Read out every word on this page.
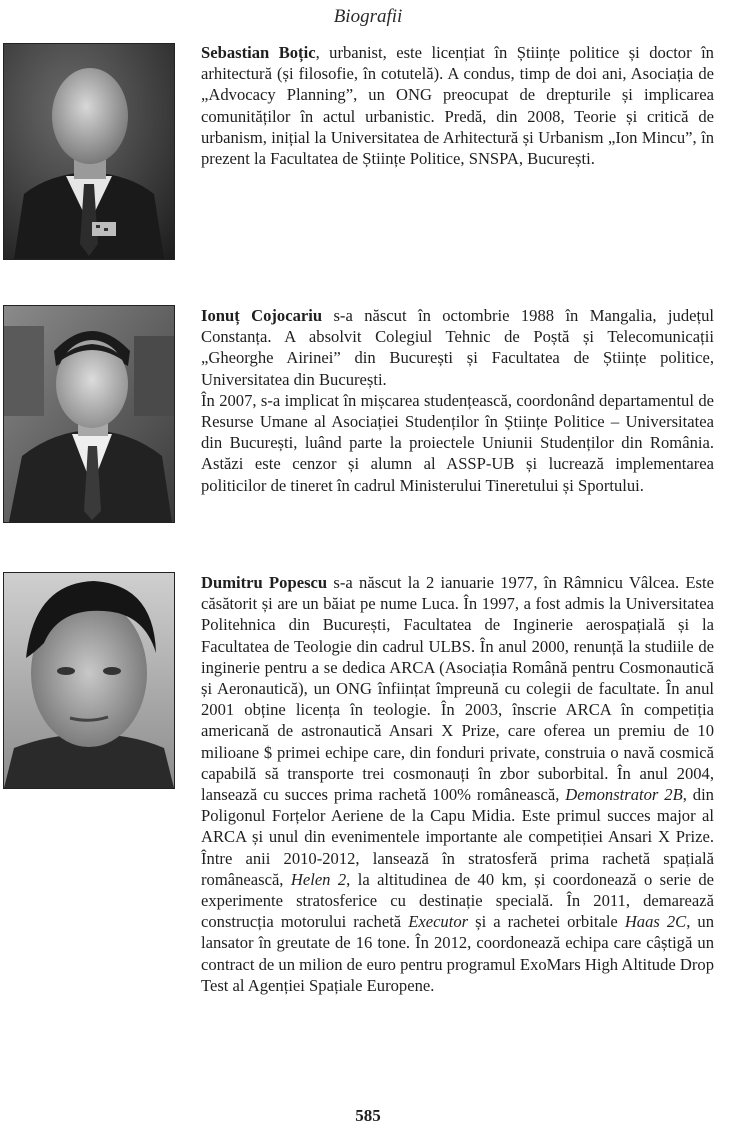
Biografii

Sebastian Boțic, urbanist, este licențiat în Științe politice și doctor în arhitectură (și filosofie, în cotutelă). A condus, timp de doi ani, Asociația de „Advocacy Planning”, un ONG preocupat de drepturile și implicarea comunităților în actul urbanistic. Predă, din 2008, Teorie și critică de urbanism, inițial la Universitatea de Arhitectură și Urbanism „Ion Mincu”, în prezent la Facultatea de Științe Politice, SNSPA, București.

Ionuț Cojocariu s-a născut în octombrie 1988 în Mangalia, județul Constanța. A absolvit Colegiul Tehnic de Poștă și Telecomunicații „Gheorghe Airinei” din București și Facultatea de Științe politice, Universitatea din București.

În 2007, s-a implicat în mișcarea studențească, coordonând departamentul de Resurse Umane al Asociației Studenților în Științe Politice – Universitatea din București, luând parte la proiectele Uniunii Studenților din România. Astăzi este cenzor și alumn al ASSP-UB și lucrează implementarea politicilor de tineret în cadrul Ministerului Tineretului și Sportului.

Dumitru Popescu s-a născut la 2 ianuarie 1977, în Râmnicu Vâlcea. Este căsătorit și are un băiat pe nume Luca. În 1997, a fost admis la Universitatea Politehnica din București, Facultatea de Inginerie aerospațială și la Facultatea de Teologie din cadrul ULBS. În anul 2000, renunță la studiile de inginerie pentru a se dedica ARCA (Asociația Română pentru Cosmonautică și Aeronautică), un ONG înființat împreună cu colegii de facultate. În anul 2001 obține licența în teologie. În 2003, înscrie ARCA în competiția americană de astronautică Ansari X Prize, care oferea un premiu de 10 milioane $ primei echipe care, din fonduri private, construia o navă cosmică capabilă să transporte trei cosmonauți în zbor suborbital. În anul 2004, lansează cu succes prima rachetă 100% românească, Demonstrator 2B, din Poligonul Forțelor Aeriene de la Capu Midia. Este primul succes major al ARCA și unul din evenimentele importante ale competiției Ansari X Prize. Între anii 2010-2012, lansează în stratosferă prima rachetă spațială românească, Helen 2, la altitudinea de 40 km, și coordonează o serie de experimente stratosferice cu destinație specială. În 2011, demarează construcția motorului rachetă Executor și a rachetei orbitale Haas 2C, un lansator în greutate de 16 tone. În 2012, coordonează echipa care câștigă un contract de un milion de euro pentru programul ExoMars High Altitude Drop Test al Agenției Spațiale Europene.

585
